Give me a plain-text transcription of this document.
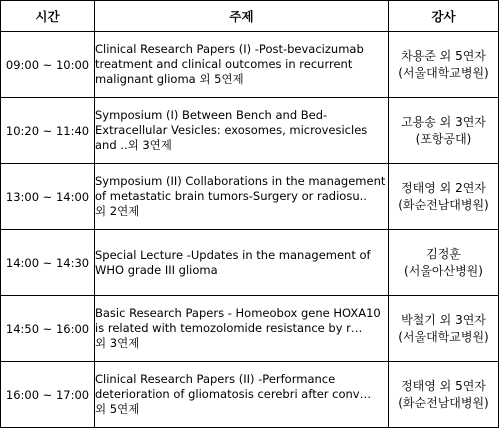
시간	주제	강사
09:00 ~ 10:00	Clinical Research Papers (I) -Post-bevacizumab
treatment and clinical outcomes in recurrent
malignant glioma 외 5연제	차용준 외 5연자
(서울대학교병원)

10:20 ~ 11:40	Symposium (I) Between Bench and Bed-
Extracellular Vesicles: exosomes, microvesicles
and ..외 3연제	고용송 외 3연자
(포항공대)

13:00 ~ 14:00	Symposium (II) Collaborations in the management
of metastatic brain tumors-Surgery or radiosu..
외 2연제	정태영 외 2연자
(화순전남대병원)

14:00 ~ 14:30	Special Lecture -Updates in the management of
WHO grade III glioma	김정훈
(서울아산병원)

14:50 ~ 16:00	Basic Research Papers - Homeobox gene HOXA10
is related with temozolomide resistance by r…
외 3연제	박철기 외 3연자
(서울대학교병원)

16:00 ~ 17:00	Clinical Research Papers (II) -Performance
deterioration of gliomatosis cerebri after conv…
외 5연제	정태영 외 5연자
(화순전남대병원)
